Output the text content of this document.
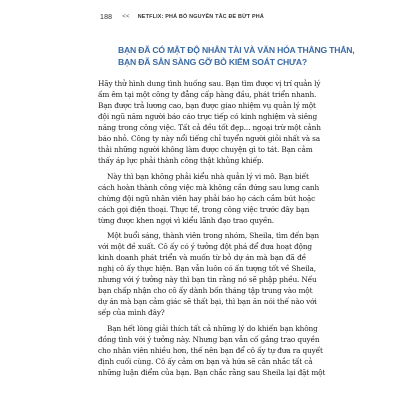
188 << NETFLIX: PHÁ BỎ NGUYÊN TẮC ĐỂ BỨT PHÁ
BẠN ĐÃ CÓ MẬT ĐỘ NHÂN TÀI VÀ VĂN HÓA THẲNG THẮN,
BẠN ĐÃ SẴN SÀNG GỠ BỎ KIỂM SOÁT CHƯA?
Hãy thử hình dung tình huống sau. Bạn tìm được vị trí quản lý
ấm êm tại một công ty đẳng cấp hàng đầu, phát triển nhanh.
Bạn được trả lương cao, bạn được giao nhiệm vụ quản lý một
đội ngũ năm người báo cáo trực tiếp có kinh nghiệm và siêng
năng trong công việc. Tất cả đều tốt đẹp... ngoại trừ một cảnh
báo nhỏ. Công ty này nổi tiếng chỉ tuyển người giỏi nhất và sa
thải những người không làm được chuyện gì to tát. Bạn cảm
thấy áp lực phải thành công thật khủng khiếp.
Này thì bạn không phải kiểu nhà quản lý vi mô. Bạn biết
cách hoàn thành công việc mà không cần đứng sau lưng canh
chừng đội ngũ nhân viên hay phải báo họ cách cắm bút hoặc
cách gọi điện thoại. Thực tế, trong công việc trước đây bạn
từng được khen ngợi vì kiểu lãnh đạo trao quyền.
Một buổi sáng, thành viên trong nhóm, Sheila, tìm đến bạn
với một đề xuất. Cô ấy có ý tưởng đột phá để đưa hoạt động
kinh doanh phát triển và muốn từ bỏ dự án mà bạn đã đề
nghị cô ấy thực hiện. Bạn vẫn luôn có ấn tượng tốt về Sheila,
nhưng với ý tưởng này thì bạn tin rằng nó sẽ phập phều. Nếu
bạn chấp nhận cho cô ấy dành bốn tháng tập trung vào một
dự án mà bạn cảm giác sẽ thất bại, thì bạn ăn nói thế nào với
sếp của mình đây?
Bạn hết lòng giải thích tất cả những lý do khiến bạn không
đồng tình với ý tưởng này. Nhưng bạn vẫn cố gắng trao quyền
cho nhân viên nhiều hơn, thế nên bạn để cô ấy tự đưa ra quyết
định cuối cùng. Cô ấy cảm ơn bạn và hứa sẽ cân nhắc tất cả
những luận điểm của bạn. Bạn chắc rằng sau Sheila lại đặt một
